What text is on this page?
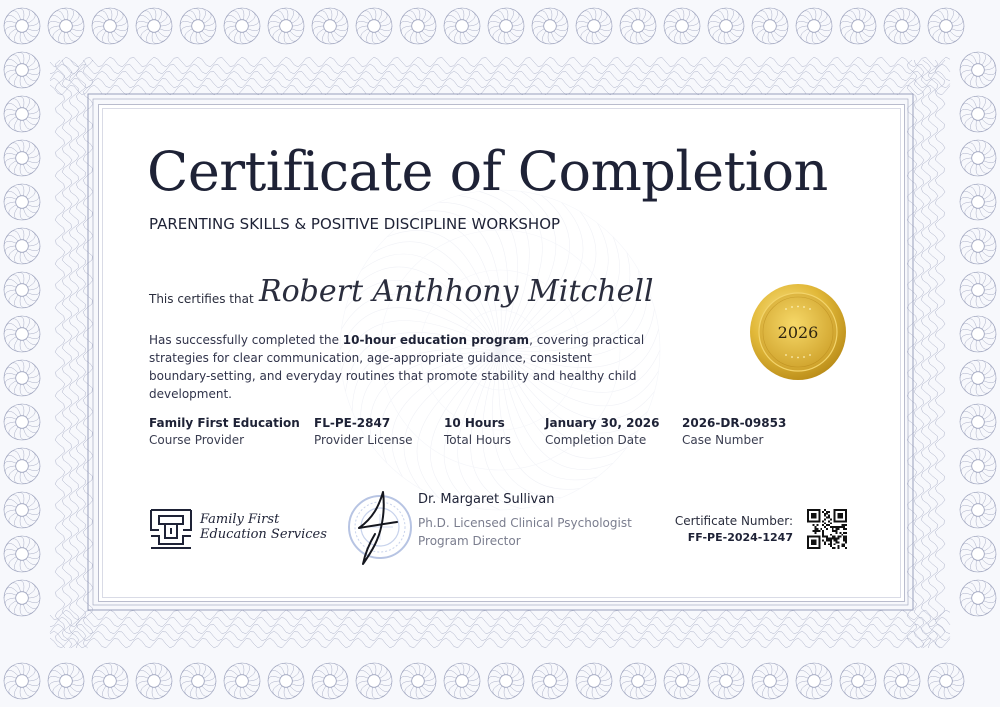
Certificate of Completion
PARENTING SKILLS & POSITIVE DISCIPLINE WORKSHOP
This certifies that Robert Anthhony Mitchell
Has successfully completed the 10-hour education program, covering practical strategies for clear communication, age-appropriate guidance, consistent boundary-setting, and everyday routines that promote stability and healthy child development.
Family First Education
Course Provider
FL-PE-2847
Provider License
10 Hours
Total Hours
January 30, 2026
Completion Date
2026-DR-09853
Case Number
2026
Family First
Education Services
Dr. Margaret Sullivan
Ph.D. Licensed Clinical Psychologist
Program Director
Certificate Number:
FF-PE-2024-1247
